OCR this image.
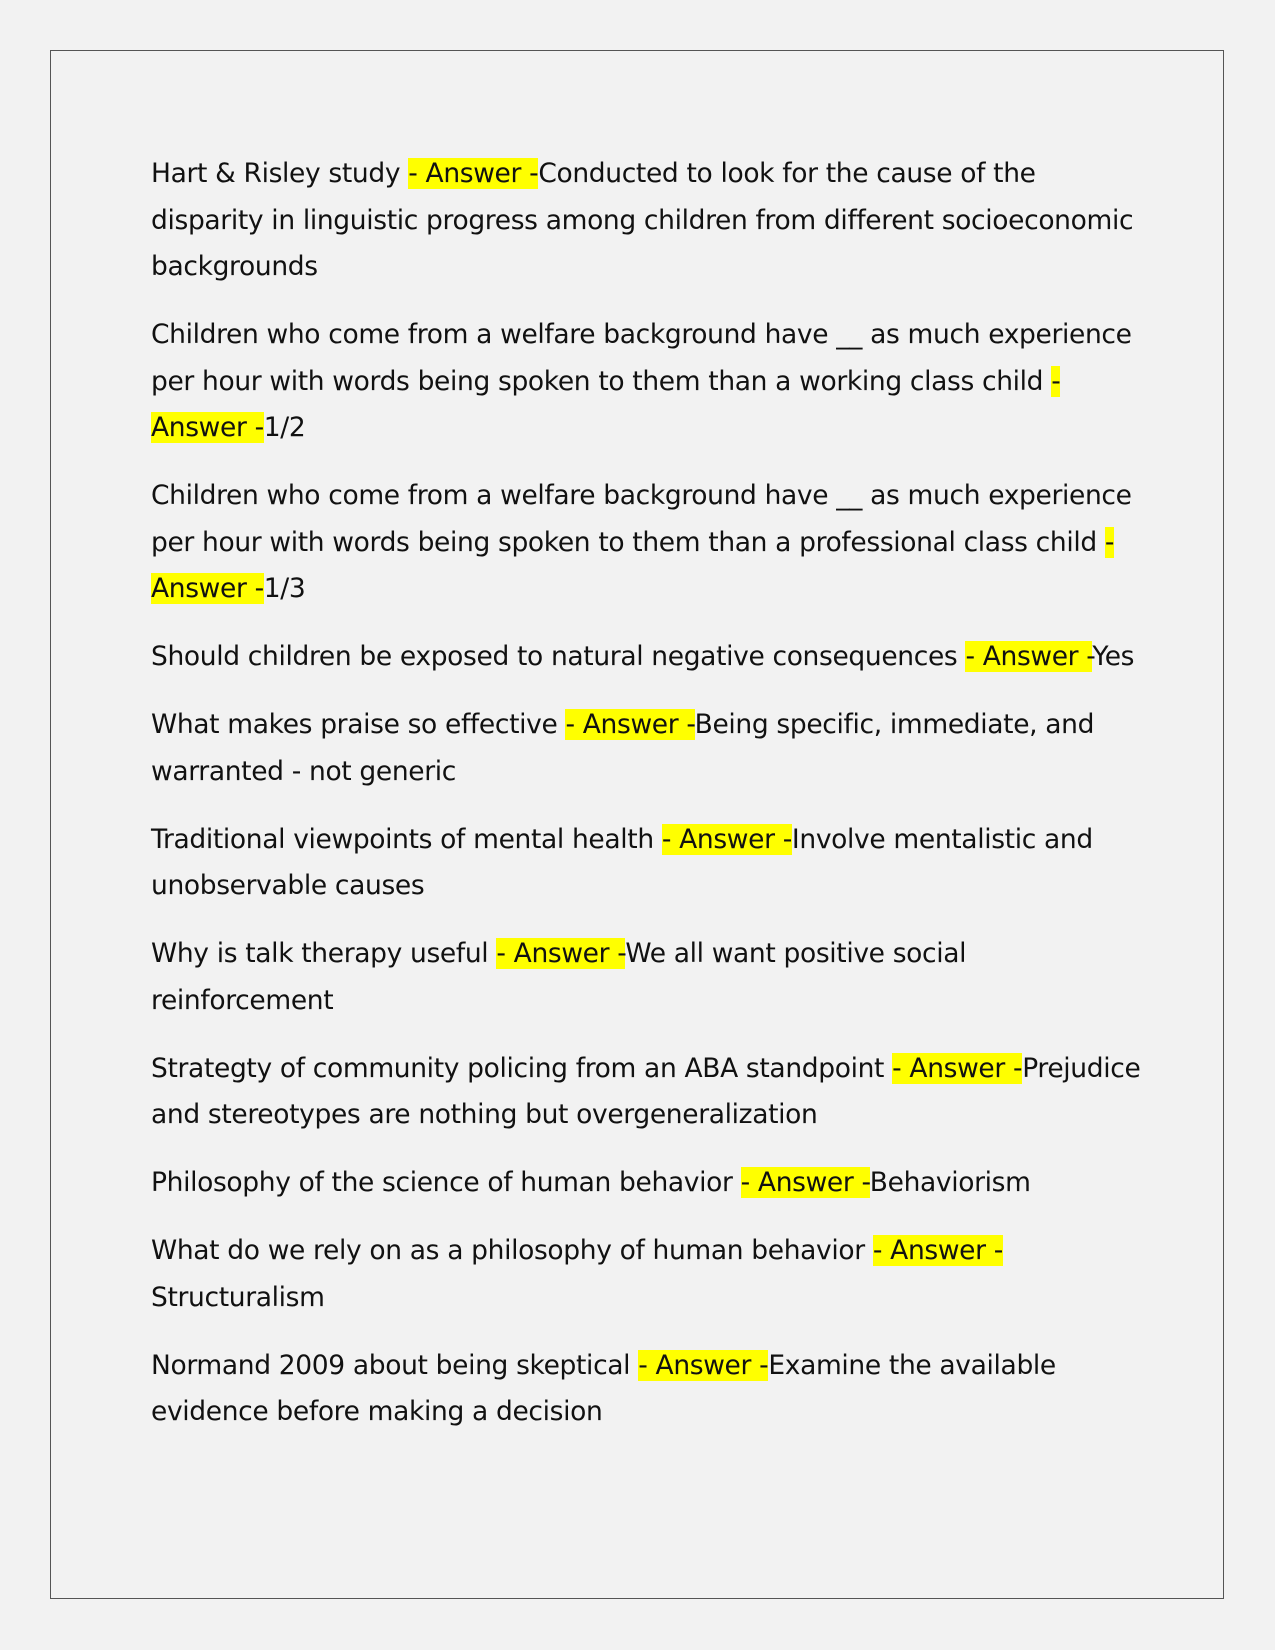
Hart & Risley study - Answer -Conducted to look for the cause of the disparity in linguistic progress among children from different socioeconomic backgrounds

Children who come from a welfare background have __ as much experience per hour with words being spoken to them than a working class child - Answer -1/2

Children who come from a welfare background have __ as much experience per hour with words being spoken to them than a professional class child - Answer -1/3

Should children be exposed to natural negative consequences - Answer -Yes

What makes praise so effective - Answer -Being specific, immediate, and warranted - not generic

Traditional viewpoints of mental health - Answer -Involve mentalistic and unobservable causes

Why is talk therapy useful - Answer -We all want positive social reinforcement

Strategty of community policing from an ABA standpoint - Answer -Prejudice and stereotypes are nothing but overgeneralization

Philosophy of the science of human behavior - Answer -Behaviorism

What do we rely on as a philosophy of human behavior - Answer -Structuralism

Normand 2009 about being skeptical - Answer -Examine the available evidence before making a decision
